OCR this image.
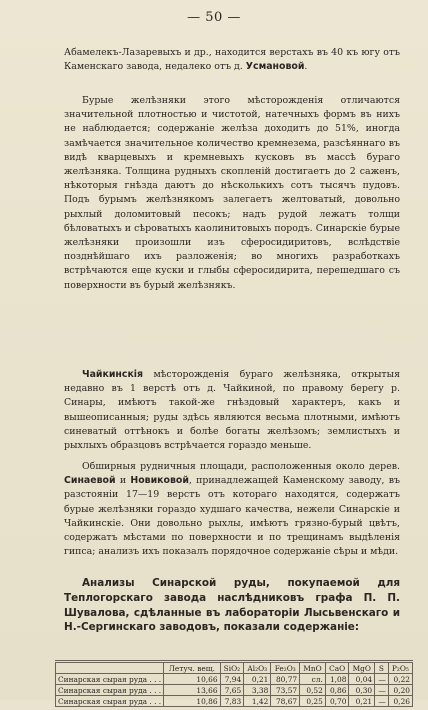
— 50 —

Абамелекъ-Лазаревыхъ и др., находится верстахъ въ 40 къ югу отъ Каменскаго завода, недалеко отъ д. Усмановой.

Бурые желѣзняки этого мѣсторожденія отличаются значительной плотностью и чистотой, натечныхъ формъ въ нихъ не наблюдается; содержаніе желѣза доходитъ до 51%, иногда замѣчается значительное количество кремнезема, разсѣяннаго въ видѣ кварцевыхъ и кремневыхъ кусковъ въ массѣ бураго желѣзняка. Толщина рудныхъ скопленій достигаетъ до 2 саженъ, нѣкоторыя гнѣзда даютъ до нѣсколькихъ сотъ тысячъ пудовъ. Подъ бурымъ желѣзнякомъ залегаетъ желтоватый, довольно рыхлый доломитовый песокъ; надъ рудой лежатъ толщи бѣловатыхъ и сѣроватыхъ каолинитовыхъ породъ. Синарскіе бурые желѣзняки произошли изъ сферосидиритовъ, вслѣдствіе позднѣйшаго ихъ разложенія; во многихъ разработкахъ встрѣчаются еще куски и глыбы сферосидирита, перешедшаго съ поверхности въ бурый желѣзнякъ.

Чайкинскія мѣсторожденія бураго желѣзняка, открытыя недавно въ 1 верстѣ отъ д. Чайкиной, по правому берегу р. Синары, имѣютъ такой-же гнѣздовый характеръ, какъ и вышеописанныя; руды здѣсь являются весьма плотными, имѣютъ синеватый оттѣнокъ и болѣе богаты желѣзомъ; землистыхъ и рыхлыхъ образцовъ встрѣчается гораздо меньше.

Обширныя рудничныя площади, расположенныя около дерев. Синаевой и Новиковой, принадлежащей Каменскому заводу, въ разстояніи 17—19 верстъ отъ котораго находятся, содержатъ бурые желѣзняки гораздо худшаго качества, нежели Синарскіе и Чайкинскіе. Они довольно рыхлы, имѣютъ грязно-бурый цвѣтъ, содержатъ мѣстами по поверхности и по трещинамъ выдѣленія гипса; анализъ ихъ показалъ порядочное содержаніе сѣры и мѣди.

Анализы Синарской руды, покупаемой для Теплогорскаго завода наслѣдниковъ графа П. П. Шувалова, сдѣланные въ лабораторіи Лысьвенскаго и Н.-Сергинскаго заводовъ, показали содержаніе:

	Летуч. вещ.	SiO₂	Al₂O₃	Fe₂O₃	MnO	CaO	MgO	S	P₂O₅
Синарская сырая руда . . .	10,66	7,94	0,21	80,77	сл.	1,08	0,04	—	0,22
Синарская сырая руда . . .	13,66	7,65	3,38	73,57	0,52	0,86	0,30	—	0,20
Синарская сырая руда . . .	10,86	7,83	1,42	78,67	0,25	0,70	0,21	—	0,26
